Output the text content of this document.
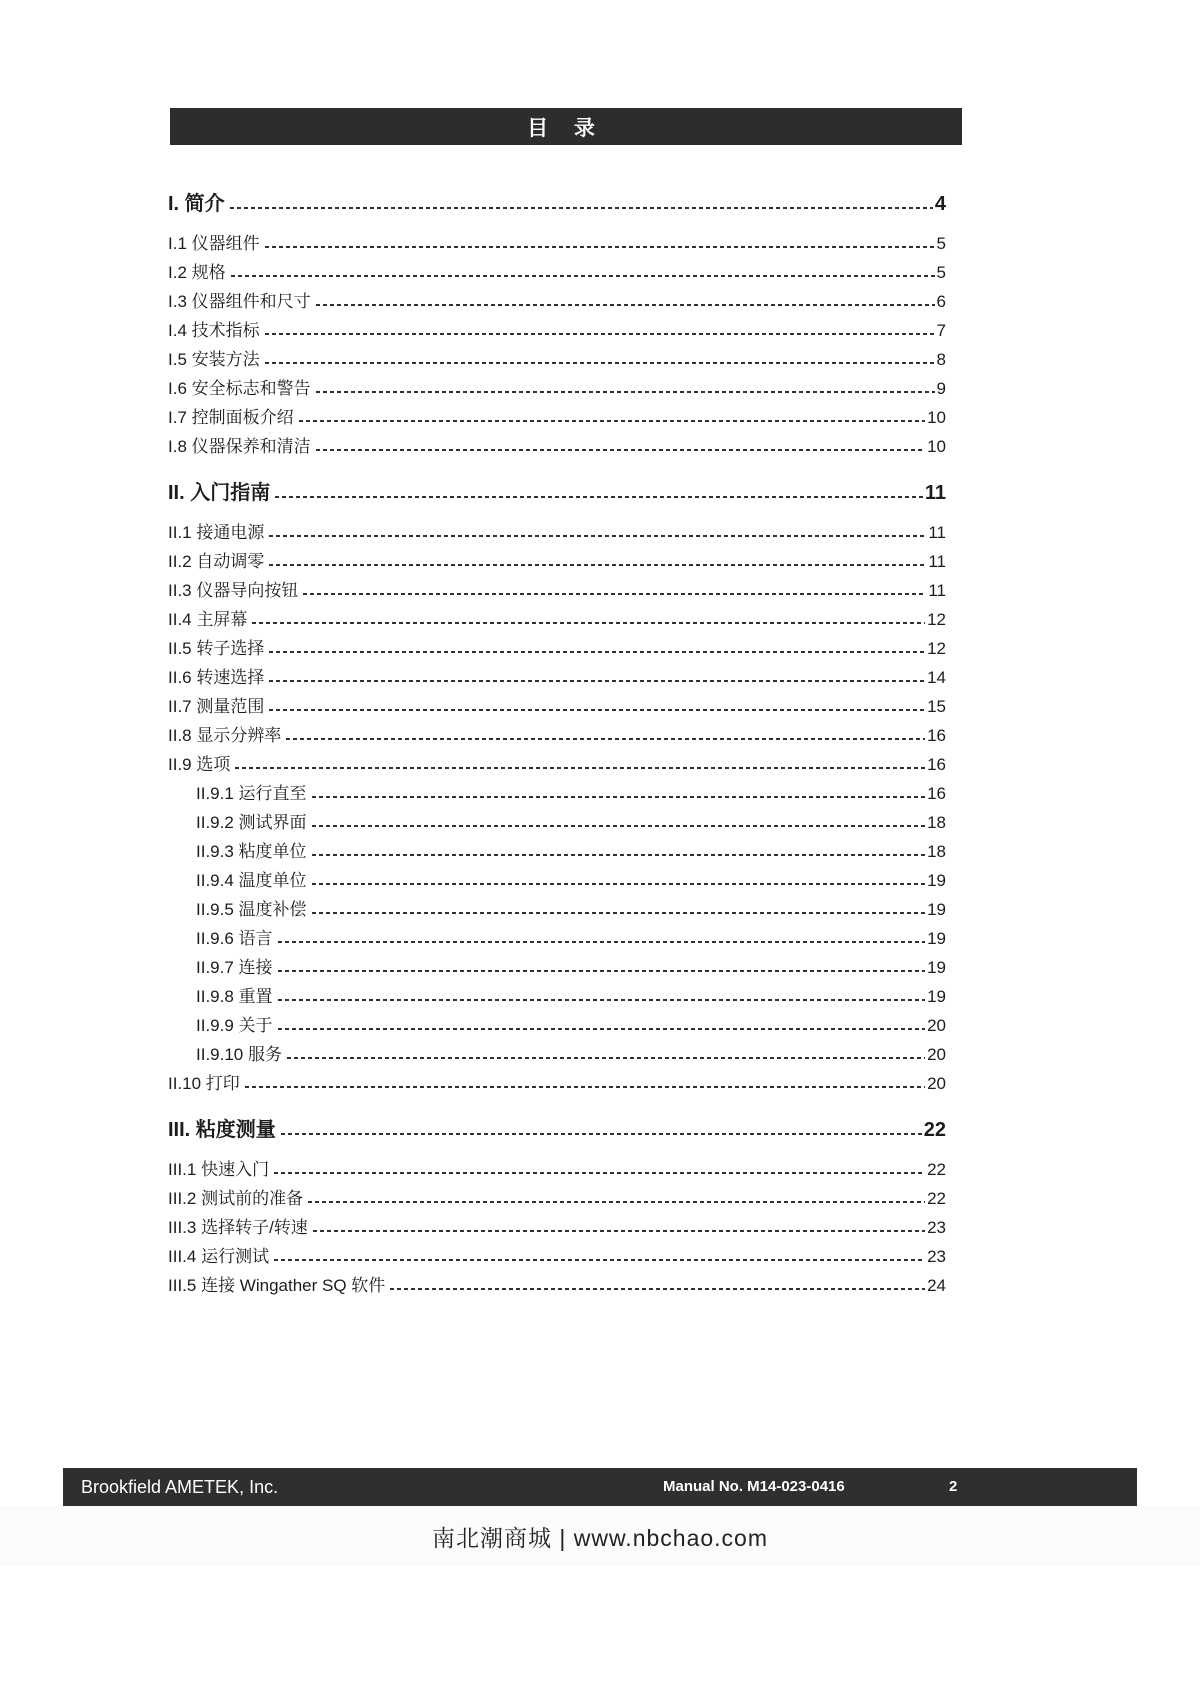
目 录
I. 简介	4
I.1 仪器组件	5
I.2 规格	5
I.3 仪器组件和尺寸	6
I.4 技术指标	7
I.5 安装方法	8
I.6 安全标志和警告	9
I.7 控制面板介绍	10
I.8 仪器保养和清洁	10
II. 入门指南	11
II.1 接通电源	11
II.2 自动调零	11
II.3 仪器导向按钮	11
II.4 主屏幕	12
II.5 转子选择	12
II.6 转速选择	14
II.7 测量范围	15
II.8 显示分辨率	16
II.9 选项	16
II.9.1 运行直至	16
II.9.2 测试界面	18
II.9.3 粘度单位	18
II.9.4 温度单位	19
II.9.5 温度补偿	19
II.9.6 语言	19
II.9.7 连接	19
II.9.8 重置	19
II.9.9 关于	20
II.9.10 服务	20
II.10 打印	20
III. 粘度测量	22
III.1 快速入门	22
III.2 测试前的准备	22
III.3 选择转子/转速	23
III.4 运行测试	23
III.5 连接 Wingather SQ 软件	24
Brookfield AMETEK, Inc.	Manual No. M14-023-0416	2
南北潮商城 | www.nbchao.com
